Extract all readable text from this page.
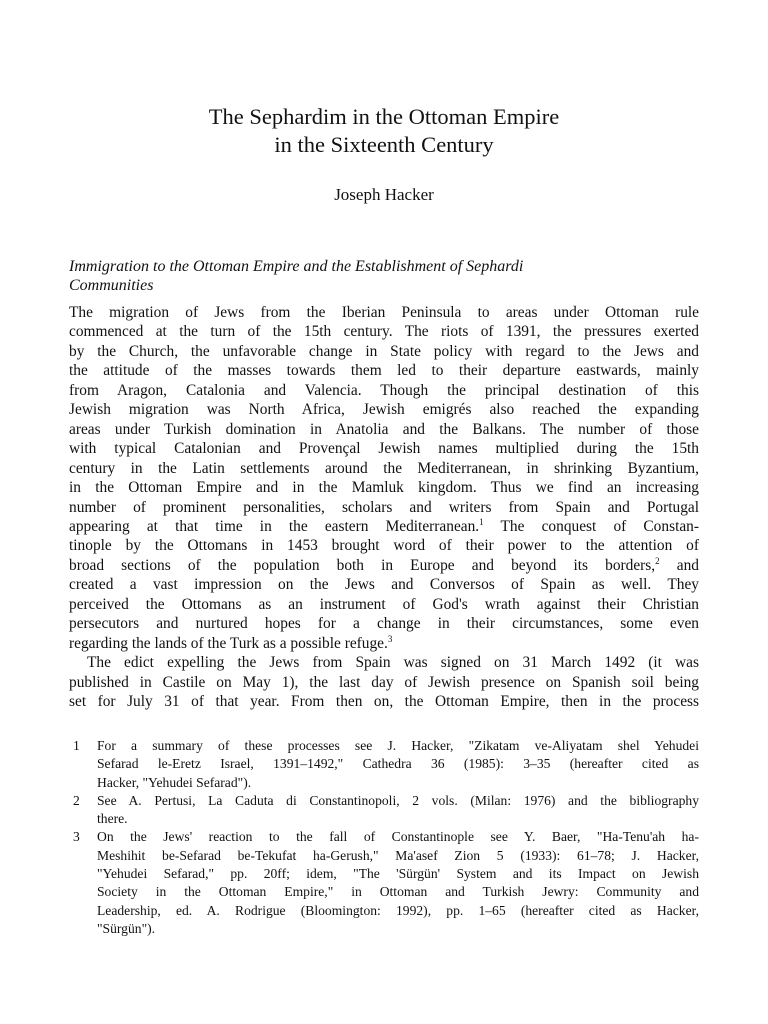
The Sephardim in the Ottoman Empire
in the Sixteenth Century
Joseph Hacker
Immigration to the Ottoman Empire and the Establishment of Sephardi
Communities
The migration of Jews from the Iberian Peninsula to areas under Ottoman rule
commenced at the turn of the 15th century. The riots of 1391, the pressures exerted
by the Church, the unfavorable change in State policy with regard to the Jews and
the attitude of the masses towards them led to their departure eastwards, mainly
from Aragon, Catalonia and Valencia. Though the principal destination of this
Jewish migration was North Africa, Jewish emigrés also reached the expanding
areas under Turkish domination in Anatolia and the Balkans. The number of those
with typical Catalonian and Provençal Jewish names multiplied during the 15th
century in the Latin settlements around the Mediterranean, in shrinking Byzantium,
in the Ottoman Empire and in the Mamluk kingdom. Thus we find an increasing
number of prominent personalities, scholars and writers from Spain and Portugal
appearing at that time in the eastern Mediterranean.$^1$ The conquest of Constan-
tinople by the Ottomans in 1453 brought word of their power to the attention of
broad sections of the population both in Europe and beyond its borders,$^2$ and
created a vast impression on the Jews and Conversos of Spain as well. They
perceived the Ottomans as an instrument of God's wrath against their Christian
persecutors and nurtured hopes for a change in their circumstances, some even
regarding the lands of the Turk as a possible refuge.$^3$
The edict expelling the Jews from Spain was signed on 31 March 1492 (it was
published in Castile on May 1), the last day of Jewish presence on Spanish soil being
set for July 31 of that year. From then on, the Ottoman Empire, then in the process
1 For a summary of these processes see J. Hacker, "Zikatam ve-Aliyatam shel Yehudei
Sefarad le-Eretz Israel, 1391–1492," Cathedra 36 (1985): 3–35 (hereafter cited as
Hacker, "Yehudei Sefarad").
2 See A. Pertusi, La Caduta di Constantinopoli, 2 vols. (Milan: 1976) and the bibliography
there.
3 On the Jews' reaction to the fall of Constantinople see Y. Baer, "Ha-Tenu'ah ha-
Meshihit be-Sefarad be-Tekufat ha-Gerush," Ma'asef Zion 5 (1933): 61–78; J. Hacker,
"Yehudei Sefarad," pp. 20ff; idem, "The 'Sürgün' System and its Impact on Jewish
Society in the Ottoman Empire," in Ottoman and Turkish Jewry: Community and
Leadership, ed. A. Rodrigue (Bloomington: 1992), pp. 1–65 (hereafter cited as Hacker,
"Sürgün").
